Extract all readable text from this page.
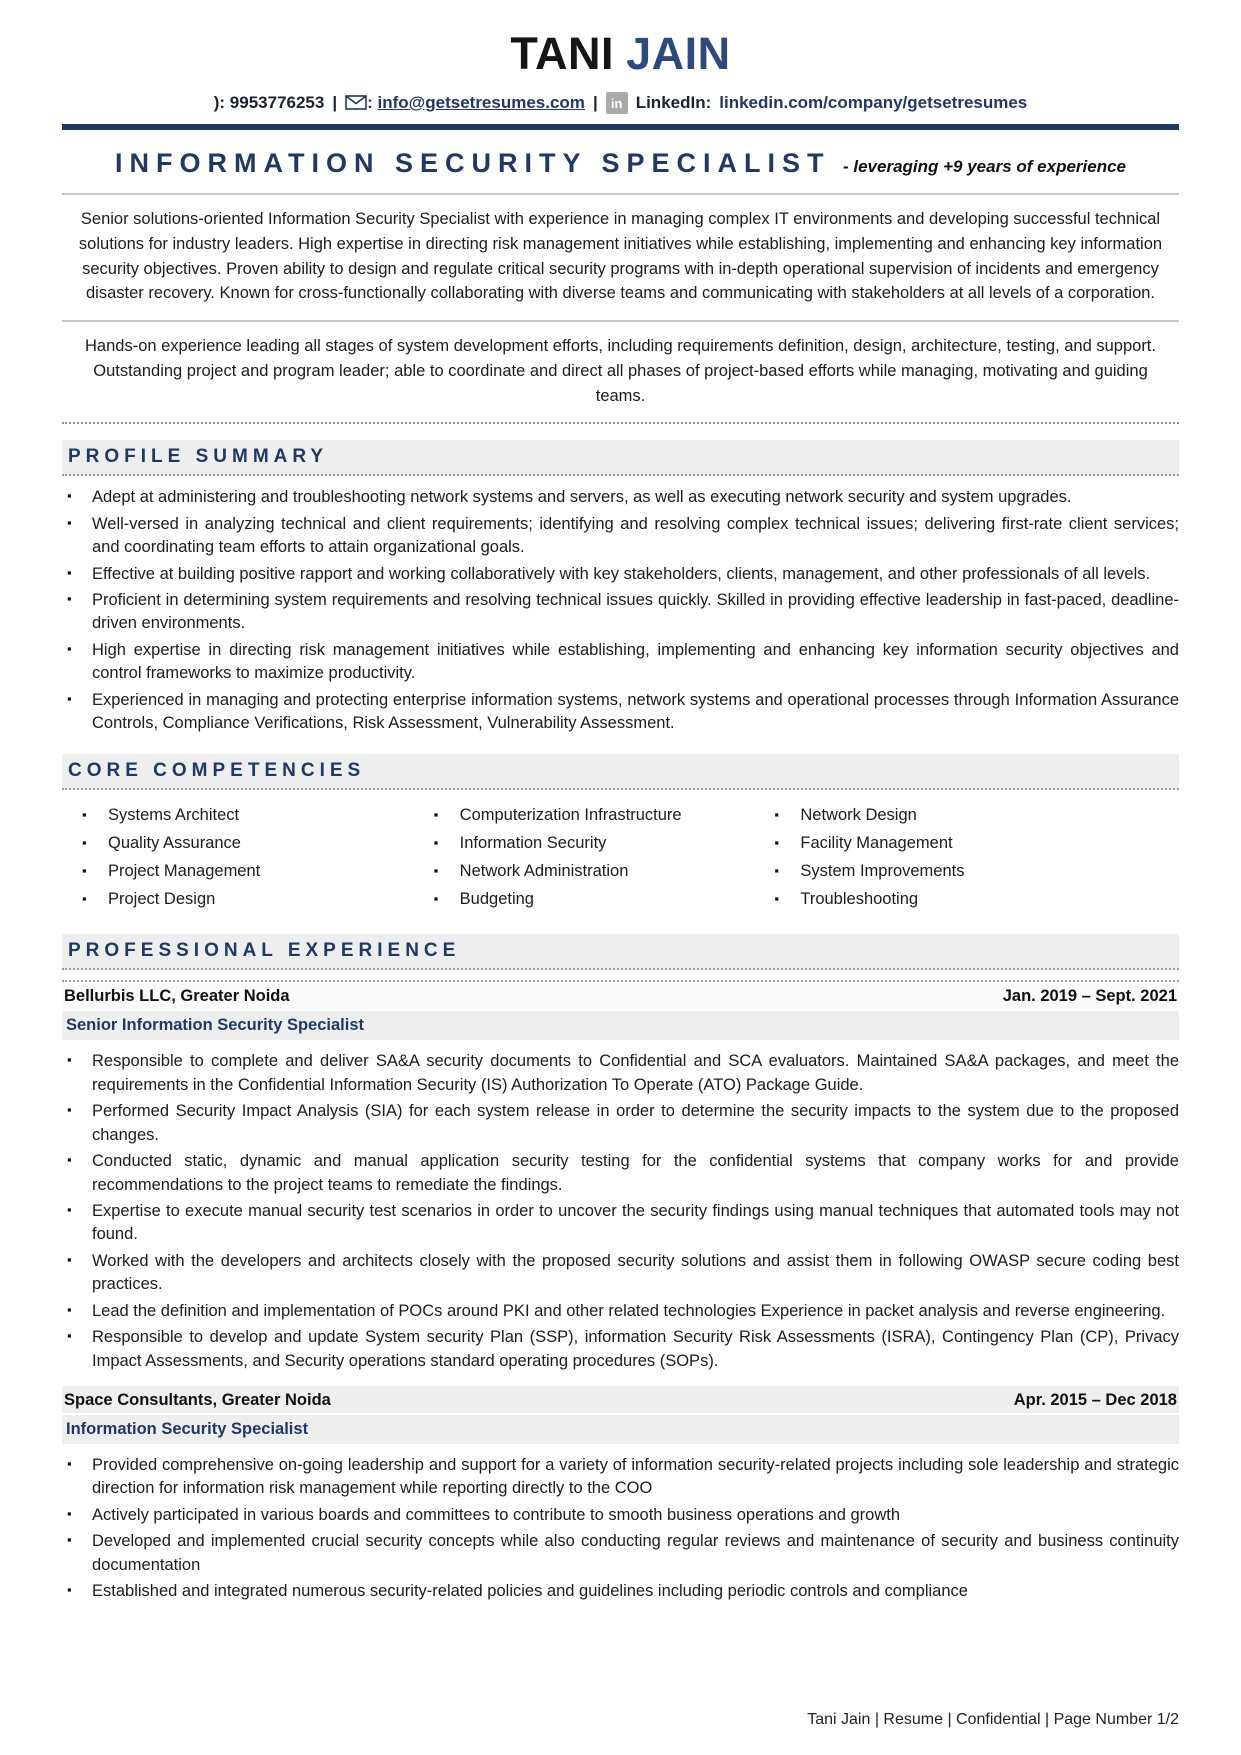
TANI JAIN
): 9953776253 |	: info@getsetresumes.com |	in LinkedIn: linkedin.com/company/getsetresumes
INFORMATION SECURITY SPECIALIST - leveraging +9 years of experience

Senior solutions-oriented Information Security Specialist with experience in managing complex IT environments and developing successful technical solutions for industry leaders. High expertise in directing risk management initiatives while establishing, implementing and enhancing key information security objectives. Proven ability to design and regulate critical security programs with in-depth operational supervision of incidents and emergency disaster recovery. Known for cross-functionally collaborating with diverse teams and communicating with stakeholders at all levels of a corporation.

Hands-on experience leading all stages of system development efforts, including requirements definition, design, architecture, testing, and support. Outstanding project and program leader; able to coordinate and direct all phases of project-based efforts while managing, motivating and guiding teams.

PROFILE SUMMARY
▪ Adept at administering and troubleshooting network systems and servers, as well as executing network security and system upgrades.
▪ Well-versed in analyzing technical and client requirements; identifying and resolving complex technical issues; delivering first-rate client services; and coordinating team efforts to attain organizational goals.
▪ Effective at building positive rapport and working collaboratively with key stakeholders, clients, management, and other professionals of all levels.
▪ Proficient in determining system requirements and resolving technical issues quickly. Skilled in providing effective leadership in fast-paced, deadline-driven environments.
▪ High expertise in directing risk management initiatives while establishing, implementing and enhancing key information security objectives and control frameworks to maximize productivity.
▪ Experienced in managing and protecting enterprise information systems, network systems and operational processes through Information Assurance Controls, Compliance Verifications, Risk Assessment, Vulnerability Assessment.
CORE COMPETENCIES
▪ Systems Architect
▪ Quality Assurance
▪ Project Management
▪ Project Design
▪ Computerization Infrastructure
▪ Information Security
▪ Network Administration
▪ Budgeting
▪ Network Design
▪ Facility Management
▪ System Improvements
▪ Troubleshooting
PROFESSIONAL EXPERIENCE
Bellurbis LLC, Greater Noida	Jan. 2019 – Sept. 2021
Senior Information Security Specialist
▪ Responsible to complete and deliver SA&A security documents to Confidential and SCA evaluators. Maintained SA&A packages, and meet the requirements in the Confidential Information Security (IS) Authorization To Operate (ATO) Package Guide.
▪ Performed Security Impact Analysis (SIA) for each system release in order to determine the security impacts to the system due to the proposed changes.
▪ Conducted static, dynamic and manual application security testing for the confidential systems that company works for and provide recommendations to the project teams to remediate the findings.
▪ Expertise to execute manual security test scenarios in order to uncover the security findings using manual techniques that automated tools may not found.
▪ Worked with the developers and architects closely with the proposed security solutions and assist them in following OWASP secure coding best practices.
▪ Lead the definition and implementation of POCs around PKI and other related technologies Experience in packet analysis and reverse engineering.
▪ Responsible to develop and update System security Plan (SSP), information Security Risk Assessments (ISRA), Contingency Plan (CP), Privacy Impact Assessments, and Security operations standard operating procedures (SOPs).
Space Consultants, Greater Noida	Apr. 2015 – Dec 2018
Information Security Specialist
▪ Provided comprehensive on-going leadership and support for a variety of information security-related projects including sole leadership and strategic direction for information risk management while reporting directly to the COO
▪ Actively participated in various boards and committees to contribute to smooth business operations and growth
▪ Developed and implemented crucial security concepts while also conducting regular reviews and maintenance of security and business continuity documentation
▪ Established and integrated numerous security-related policies and guidelines including periodic controls and compliance
Tani Jain | Resume | Confidential | Page Number 1/2
